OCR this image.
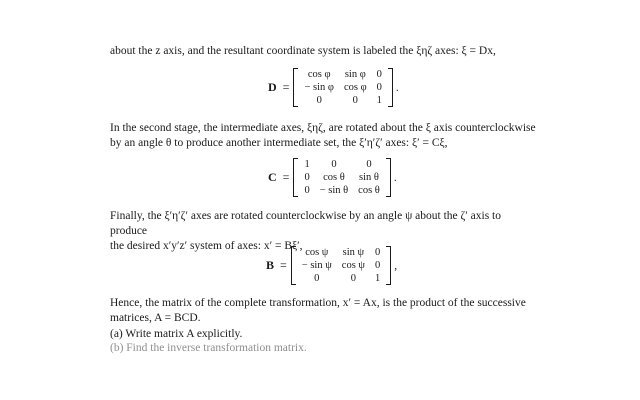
about the z axis, and the resultant coordinate system is labeled the ξηζ axes: ξ = Dx,
D =
cos φ	sin φ	0
− sin φ	cos φ	0
0	0	1
.
In the second stage, the intermediate axes, ξηζ, are rotated about the ξ axis counterclockwise
by an angle θ to produce another intermediate set, the ξ′η′ζ′ axes: ξ′ = Cξ,
C =
1	0	0
0	cos θ	sin θ
0	− sin θ	cos θ
.
Finally, the ξ′η′ζ′ axes are rotated counterclockwise by an angle ψ about the ζ′ axis to produce
the desired x′y′z′ system of axes: x′ = Bξ′,
B =
cos ψ	sin ψ	0
− sin ψ	cos ψ	0
0	0	1
,
Hence, the matrix of the complete transformation, x′ = Ax, is the product of the successive
matrices, A = BCD.
(a) Write matrix A explicitly.
(b) Find the inverse transformation matrix.
